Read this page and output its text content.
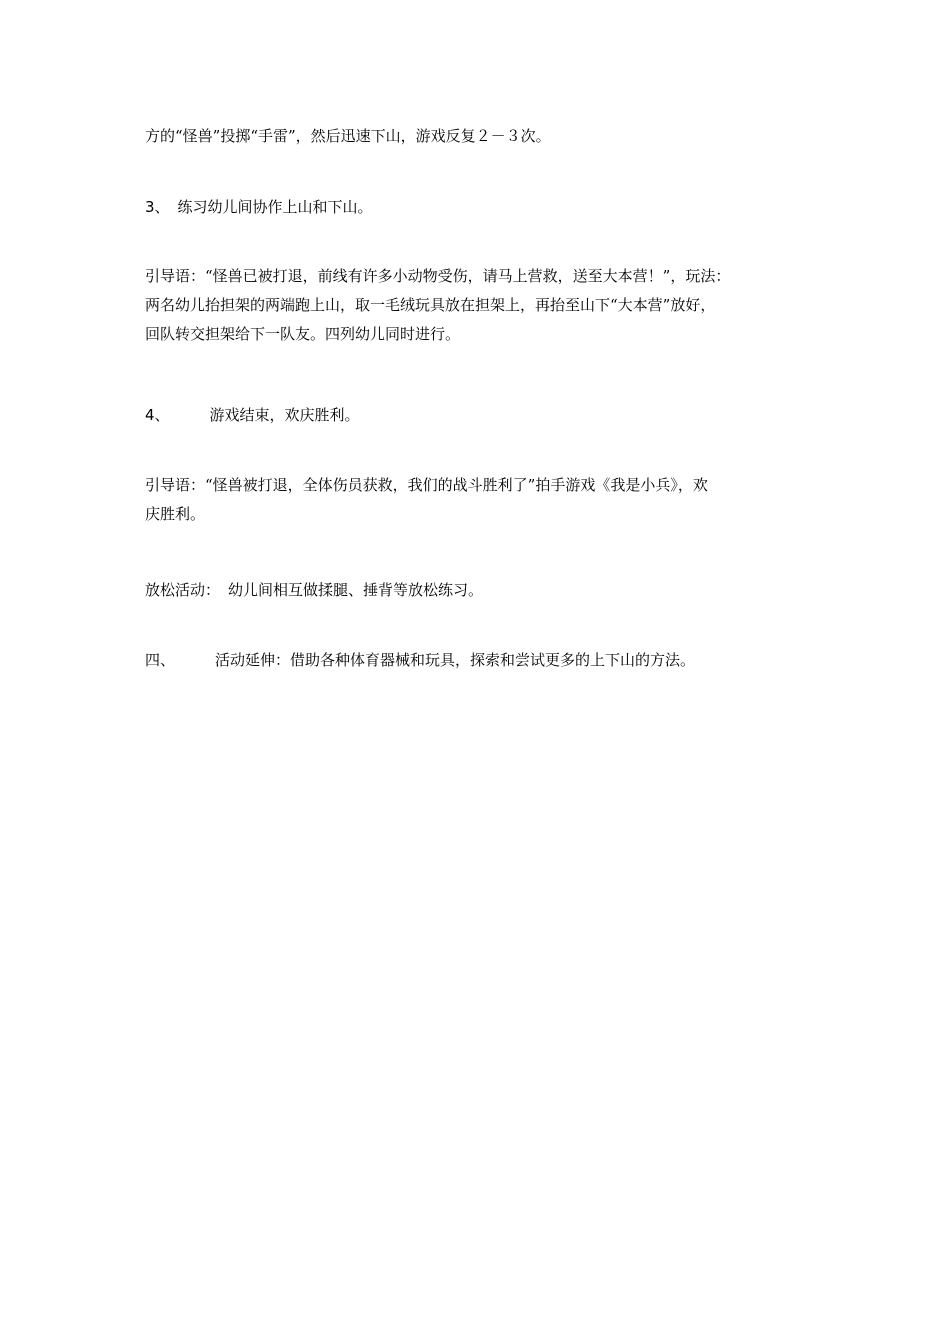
方的“怪兽”投掷“手雷”，然后迅速下山，游戏反复２－３次。
3、 练习幼儿间协作上山和下山。
引导语：“怪兽已被打退，前线有许多小动物受伤，请马上营救，送至大本营！”，玩法：
两名幼儿抬担架的两端跑上山，取一毛绒玩具放在担架上，再抬至山下“大本营”放好，
回队转交担架给下一队友。四列幼儿同时进行。
4、	游戏结束，欢庆胜利。
引导语：“怪兽被打退，全体伤员获救，我们的战斗胜利了”拍手游戏《我是小兵》，欢
庆胜利。
放松活动： 幼儿间相互做揉腿、捶背等放松练习。
四、	活动延伸：借助各种体育器械和玩具，探索和尝试更多的上下山的方法。
